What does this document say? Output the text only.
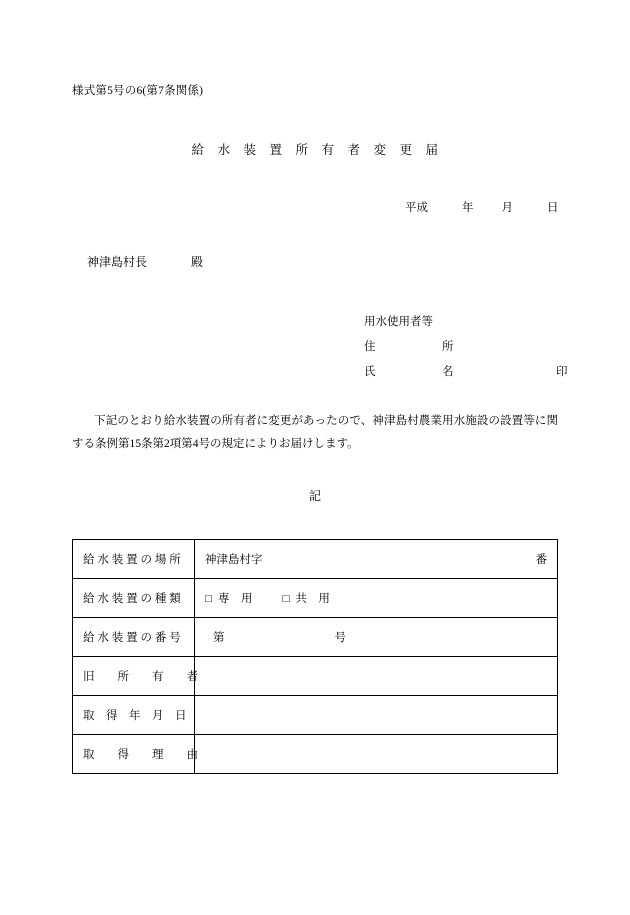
様式第5号の6(第7条関係)
給　水　装　置　所　有　者　変　更　届
平成	年 月	日
神津島村長	殿
用水使用者等
住　　　所
氏　　　名	印
下記のとおり給水装置の所有者に変更があったので、神津島村農業用水施設の設置等に関する条例第15条第2項第4号の規定によりお届けします。
記
給 水 装 置 の 場 所	神津島村字 番

給 水 装 置 の 種 類	□ 専　用 □ 共　用
給 水 装 置 の 番 号	第 号
旧　　所　　有　　者	
取　得　年　月　日	
取　　得　　理　　由	
